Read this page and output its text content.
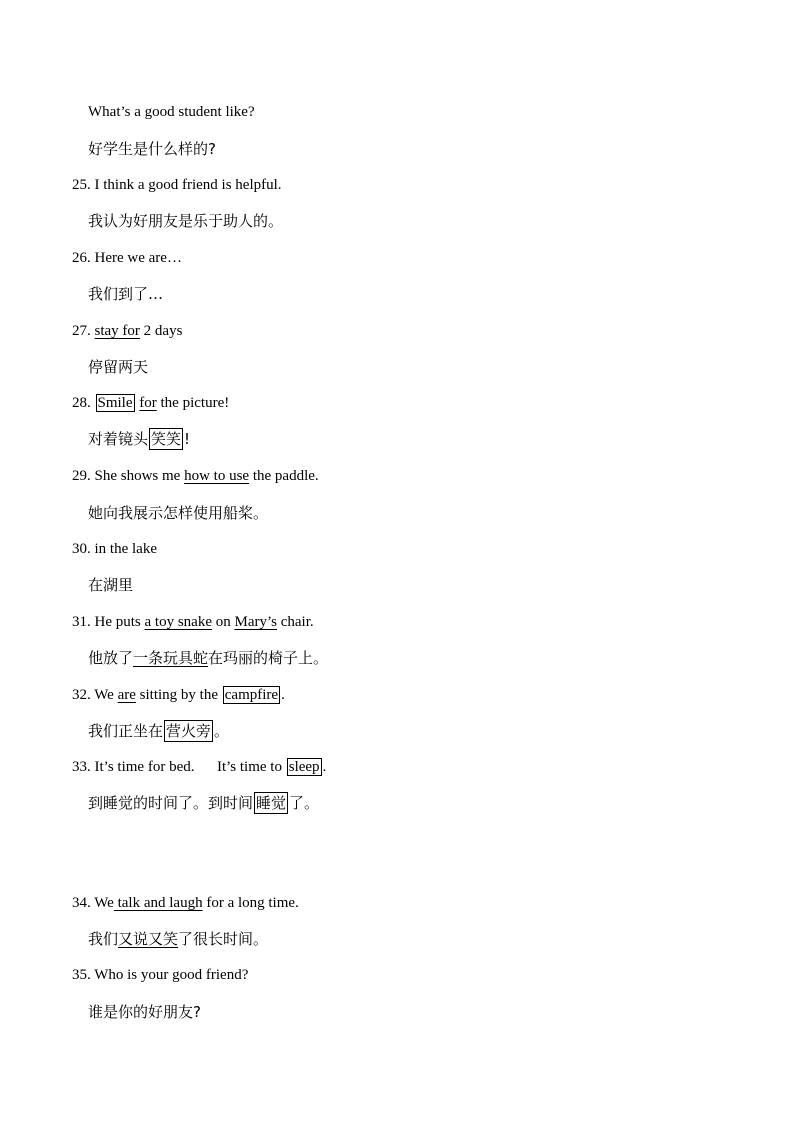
What’s a good student like?
好学生是什么样的?
25. I think a good friend is helpful.
我认为好朋友是乐于助人的。
26. Here we are…
我们到了…
27. stay for 2 days
停留两天
28. Smile for the picture!
对着镜头 笑笑 !
29. She shows me how to use the paddle.
她向我展示怎样使用船桨。
30. in the lake
在湖里
31. He puts a toy snake on Mary’s chair.
他放了一条玩具蛇在玛丽的椅子上。
32. We are sitting by the campfire .
我们正坐在 营火旁 。
33. It’s time for bed.      It’s time to sleep .
到睡觉的时间了。到时间 睡觉 了。
34. We talk and laugh for a long time.
我们又说又笑了很长时间。
35. Who is your good friend?
谁是你的好朋友?
